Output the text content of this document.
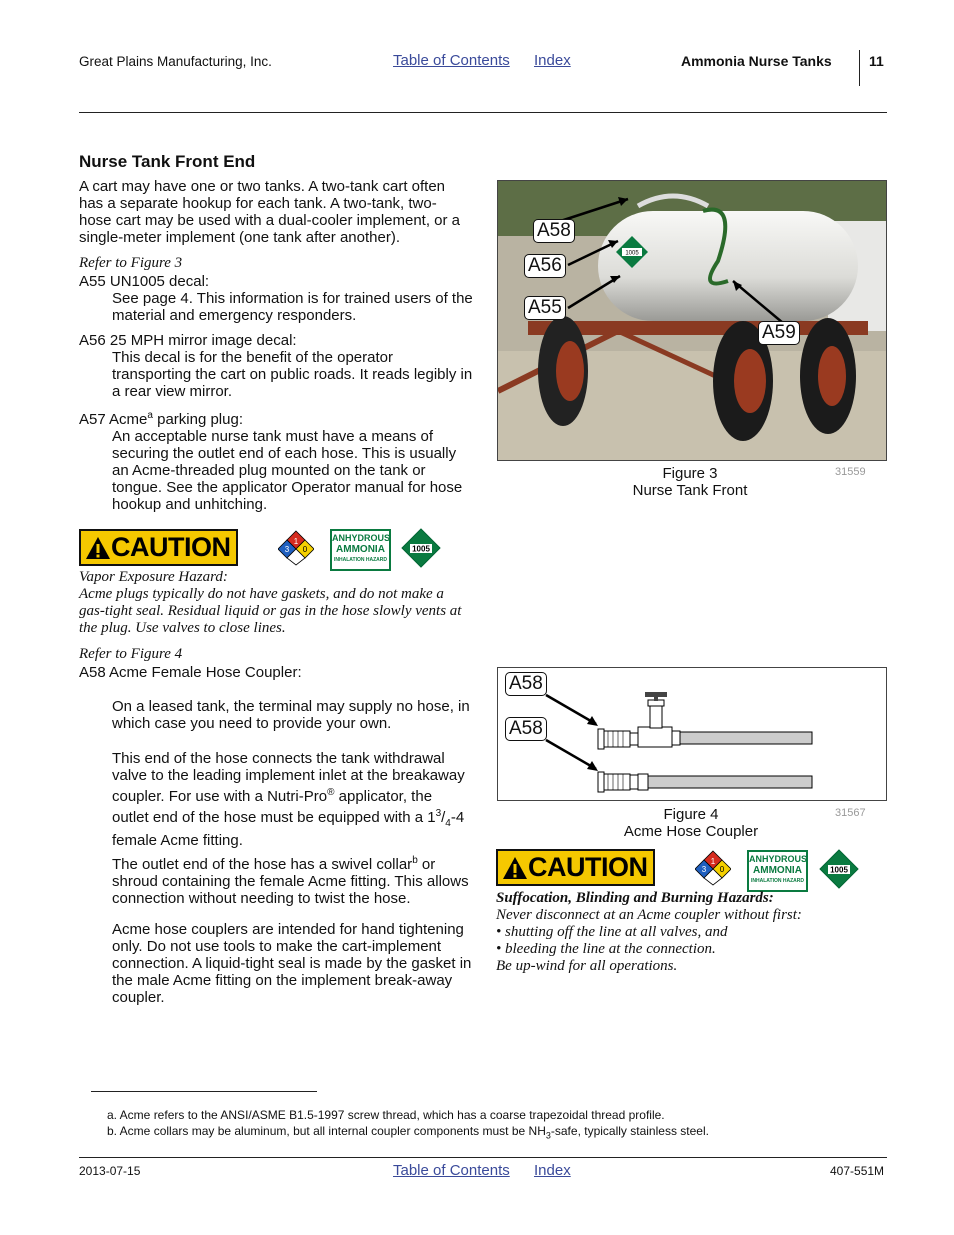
Great Plains Manufacturing, Inc.	Table of Contents Index	Ammonia Nurse Tanks	11
Nurse Tank Front End
A cart may have one or two tanks. A two-tank cart often has a separate hookup for each tank. A two-tank, two-hose cart may be used with a dual-cooler implement, or a single-meter implement (one tank after another).
Refer to Figure 3
A55 UN1005 decal:
See page 4. This information is for trained users of the material and emergency responders.
A56 25 MPH mirror image decal:
This decal is for the benefit of the operator transporting the cart on public roads. It reads legibly in a rear view mirror.
A57 Acme$^a$ parking plug:
An acceptable nurse tank must have a means of securing the outlet end of each hose. This is usually an Acme-threaded plug mounted on the tank or tongue. See the applicator Operator manual for hose hookup and unhitching.
CAUTION	1
3 0
ANHYDROUS
AMMONIA
INHALATION HAZARD
1005
Vapor Exposure Hazard:
Acme plugs typically do not have gaskets, and do not make a gas-tight seal. Residual liquid or gas in the hose slowly vents at the plug. Use valves to close lines.
Refer to Figure 4
A58 Acme Female Hose Coupler:
On a leased tank, the terminal may supply no hose, in which case you need to provide your own.
This end of the hose connects the tank withdrawal valve to the leading implement inlet at the breakaway coupler. For use with a Nutri-Pro® applicator, the outlet end of the hose must be equipped with a $1^3/_4-4$ female Acme fitting.
The outlet end of the hose has a swivel collar$^b$ or shroud containing the female Acme fitting. This allows connection without needing to twist the hose.
Acme hose couplers are intended for hand tightening only. Do not use tools to make the cart-implement connection. A liquid-tight seal is made by the gasket in the male Acme fitting on the implement break-away coupler.
1005
A58
A56
A55
A59
Figure 3
Nurse Tank Front
31559
A58
A58
Figure 4
Acme Hose Coupler
31567
CAUTION	1
3 0
ANHYDROUS
AMMONIA
INHALATION HAZARD
1005
Suffocation, Blinding and Burning Hazards:
Never disconnect at an Acme coupler without first:
• shutting off the line at all valves, and
• bleeding the line at the connection.
Be up-wind for all operations.
a. Acme refers to the ANSI/ASME B1.5-1997 screw thread, which has a coarse trapezoidal thread profile.
b. Acme collars may be aluminum, but all internal coupler components must be $NH_3$-safe, typically stainless steel.
2013-07-15	Table of Contents Index	407-551M
